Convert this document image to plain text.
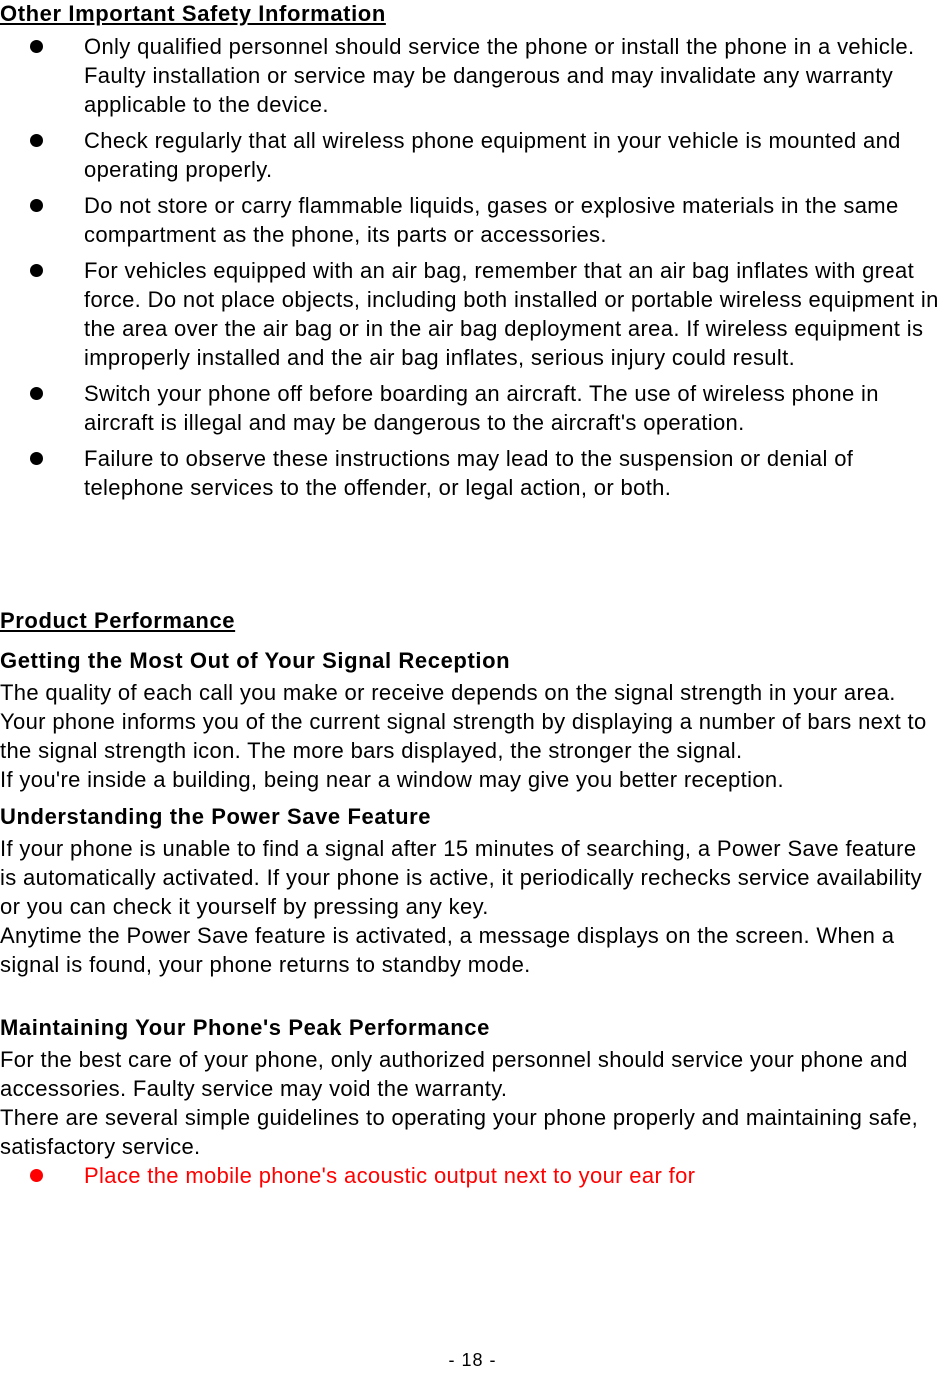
Other Important Safety Information
Only qualified personnel should service the phone or install the phone in a vehicle. Faulty installation or service may be dangerous and may invalidate any warranty applicable to the device.
Check regularly that all wireless phone equipment in your vehicle is mounted and operating properly.
Do not store or carry flammable liquids, gases or explosive materials in the same compartment as the phone, its parts or accessories.
For vehicles equipped with an air bag, remember that an air bag inflates with great force. Do not place objects, including both installed or portable wireless equipment in the area over the air bag or in the air bag deployment area. If wireless equipment is improperly installed and the air bag inflates, serious injury could result.
Switch your phone off before boarding an aircraft. The use of wireless phone in aircraft is illegal and may be dangerous to the aircraft's operation.
Failure to observe these instructions may lead to the suspension or denial of telephone services to the offender, or legal action, or both.
Product Performance
Getting the Most Out of Your Signal Reception

The quality of each call you make or receive depends on the signal strength in your area. Your phone informs you of the current signal strength by displaying a number of bars next to the signal strength icon. The more bars displayed, the stronger the signal.

If you're inside a building, being near a window may give you better reception.

Understanding the Power Save Feature

If your phone is unable to find a signal after 15 minutes of searching, a Power Save feature is automatically activated. If your phone is active, it periodically rechecks service availability or you can check it yourself by pressing any key.

Anytime the Power Save feature is activated, a message displays on the screen. When a signal is found, your phone returns to standby mode.

Maintaining Your Phone's Peak Performance

For the best care of your phone, only authorized personnel should service your phone and accessories. Faulty service may void the warranty.

There are several simple guidelines to operating your phone properly and maintaining safe, satisfactory service.

Place the mobile phone's acoustic output next to your ear for
- 18 -
